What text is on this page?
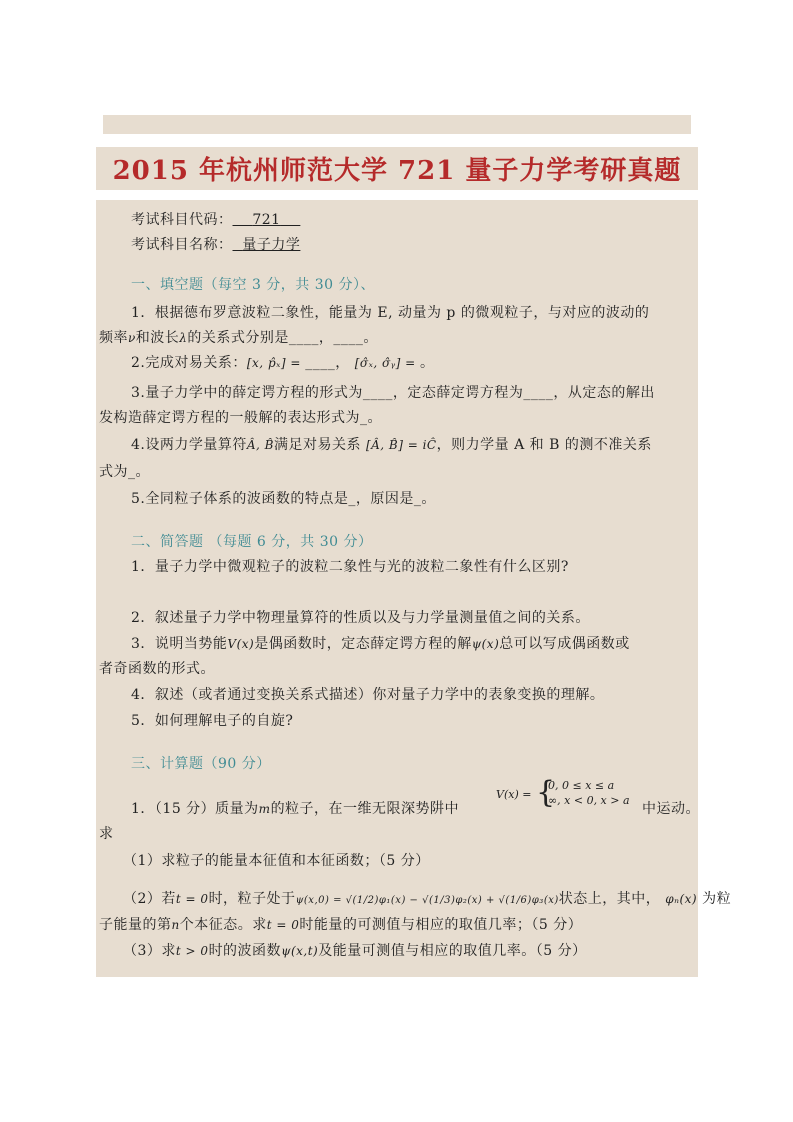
2015 年杭州师范大学 721 量子力学考研真题
考试科目代码： 721
考试科目名称： 量子力学
一、填空题（每空 3 分，共 30 分）、
1．根据德布罗意波粒二象性，能量为 E, 动量为 p 的微观粒子，与对应的波动的
频率ν和波长λ的关系式分别是____，____。
2.完成对易关系：[x, p̂ₓ] = ____， [σ̂ₓ, σ̂ᵧ] = 。
3.量子力学中的薛定谔方程的形式为____，定态薛定谔方程为____，从定态的解出
发构造薛定谔方程的一般解的表达形式为_。
4.设两力学量算符Â, B̂满足对易关系 [Â, B̂] = iĈ，则力学量 A 和 B 的测不准关系
式为_。
5.全同粒子体系的波函数的特点是_，原因是_。
二、简答题 （每题 6 分，共 30 分）
1．量子力学中微观粒子的波粒二象性与光的波粒二象性有什么区别?
2．叙述量子力学中物理量算符的性质以及与力学量测量值之间的关系。
3．说明当势能V(x)是偶函数时，定态薛定谔方程的解ψ(x)总可以写成偶函数或
者奇函数的形式。
4．叙述（或者通过变换关系式描述）你对量子力学中的表象变换的理解。
5．如何理解电子的自旋?
三、计算题（90 分）
1．（15 分）质量为m的粒子，在一维无限深势阱中
V(x) = {
0, 0 ≤ x ≤ a
∞, x < 0, x > a
中运动。
求
（1）求粒子的能量本征值和本征函数；（5 分）
（2）若t = 0时，粒子处于ψ(x,0) = √(1/2)φ₁(x) − √(1/3)φ₂(x) + √(1/6)φ₃(x)状态上，其中， φₙ(x) 为粒
子能量的第n个本征态。求t = 0时能量的可测值与相应的取值几率；（5 分）
（3）求t > 0时的波函数ψ(x,t)及能量可测值与相应的取值几率。（5 分）
